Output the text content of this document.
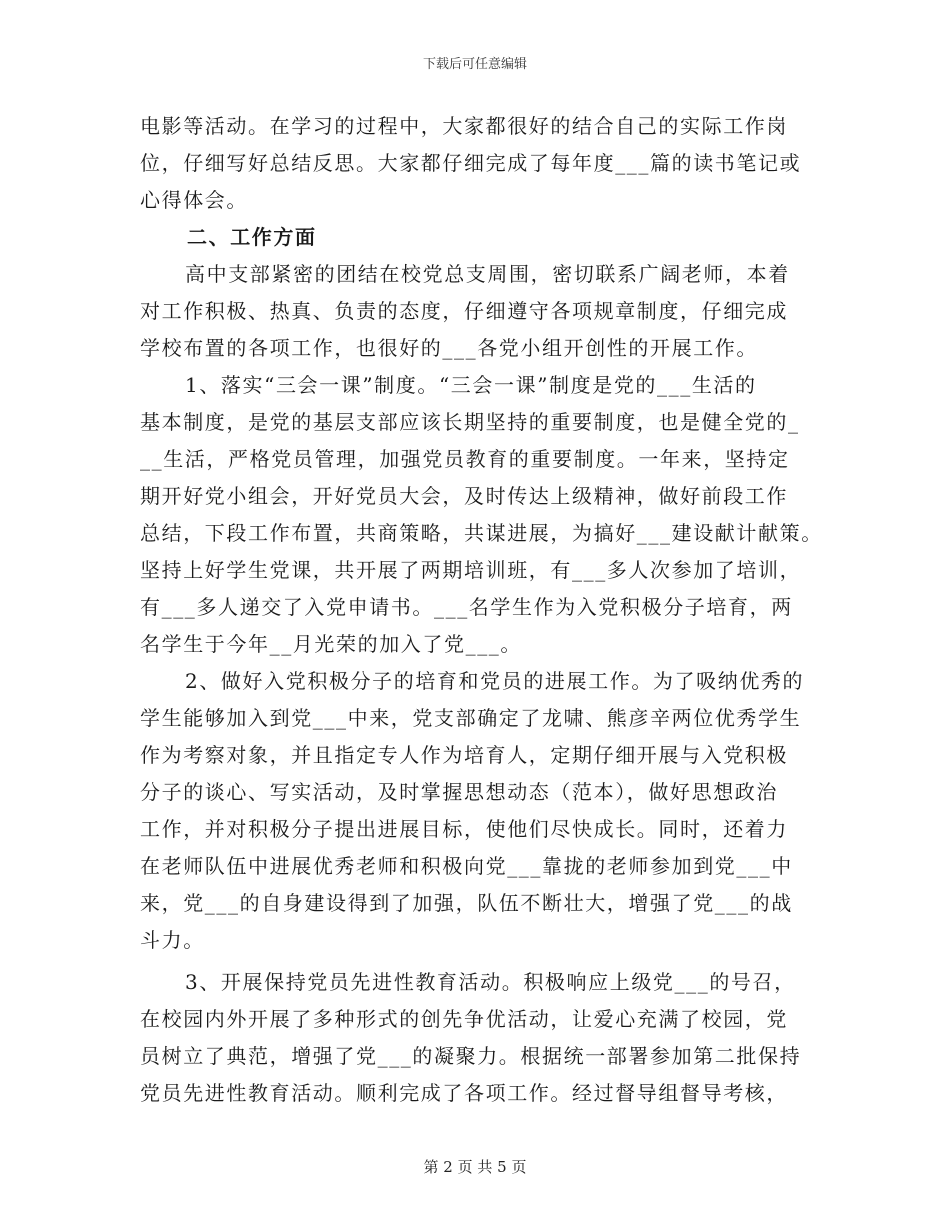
下载后可任意编辑
电影等活动。在学习的过程中，大家都很好的结合自己的实际工作岗
位，仔细写好总结反思。大家都仔细完成了每年度___篇的读书笔记或
心得体会。
二、工作方面
高中支部紧密的团结在校党总支周围，密切联系广阔老师，本着
对工作积极、热真、负责的态度，仔细遵守各项规章制度，仔细完成
学校布置的各项工作，也很好的___各党小组开创性的开展工作。
1、落实“三会一课”制度。“三会一课”制度是党的___生活的
基本制度，是党的基层支部应该长期坚持的重要制度，也是健全党的_
__生活，严格党员管理，加强党员教育的重要制度。一年来，坚持定
期开好党小组会，开好党员大会，及时传达上级精神，做好前段工作
总结，下段工作布置，共商策略，共谋进展，为搞好___建设献计献策。
坚持上好学生党课，共开展了两期培训班，有___多人次参加了培训，
有___多人递交了入党申请书。___名学生作为入党积极分子培育，两
名学生于今年__月光荣的加入了党___。
2、做好入党积极分子的培育和党员的进展工作。为了吸纳优秀的
学生能够加入到党___中来，党支部确定了龙啸、熊彦辛两位优秀学生
作为考察对象，并且指定专人作为培育人，定期仔细开展与入党积极
分子的谈心、写实活动，及时掌握思想动态（范本），做好思想政治
工作，并对积极分子提出进展目标，使他们尽快成长。同时，还着力
在老师队伍中进展优秀老师和积极向党___靠拢的老师参加到党___中
来，党___的自身建设得到了加强，队伍不断壮大，增强了党___的战
斗力。
3、开展保持党员先进性教育活动。积极响应上级党___的号召，
在校园内外开展了多种形式的创先争优活动，让爱心充满了校园，党
员树立了典范，增强了党___的凝聚力。根据统一部署参加第二批保持
党员先进性教育活动。顺利完成了各项工作。经过督导组督导考核，
第 2 页 共 5 页
